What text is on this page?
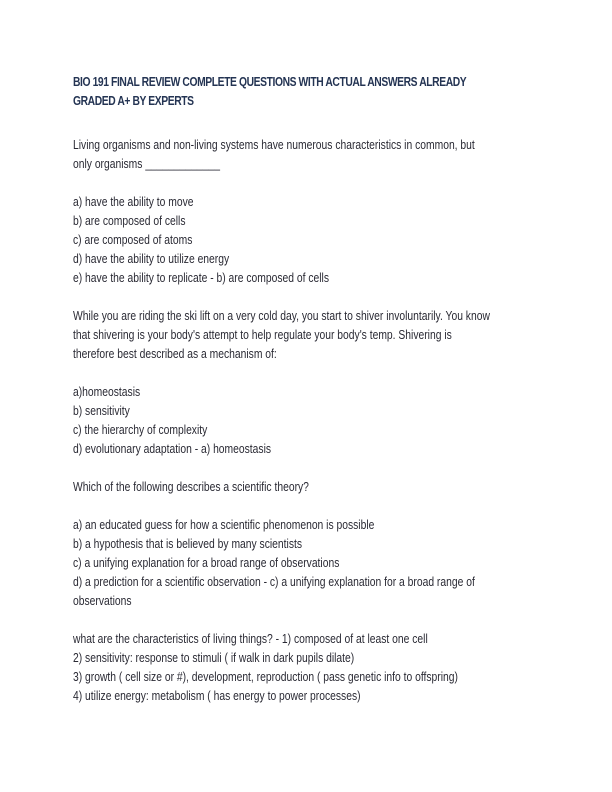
BIO 191 FINAL REVIEW COMPLETE QUESTIONS WITH ACTUAL ANSWERS ALREADY
GRADED A+ BY EXPERTS
Living organisms and non-living systems have numerous characteristics in common, but
only organisms _____________
a) have the ability to move
b) are composed of cells
c) are composed of atoms
d) have the ability to utilize energy
e) have the ability to replicate - b) are composed of cells
While you are riding the ski lift on a very cold day, you start to shiver involuntarily. You know
that shivering is your body's attempt to help regulate your body's temp. Shivering is
therefore best described as a mechanism of:
a)homeostasis
b) sensitivity
c) the hierarchy of complexity
d) evolutionary adaptation - a) homeostasis
Which of the following describes a scientific theory?
a) an educated guess for how a scientific phenomenon is possible
b) a hypothesis that is believed by many scientists
c) a unifying explanation for a broad range of observations
d) a prediction for a scientific observation - c) a unifying explanation for a broad range of
observations
what are the characteristics of living things? - 1) composed of at least one cell
2) sensitivity: response to stimuli ( if walk in dark pupils dilate)
3) growth ( cell size or #), development, reproduction ( pass genetic info to offspring)
4) utilize energy: metabolism ( has energy to power processes)
